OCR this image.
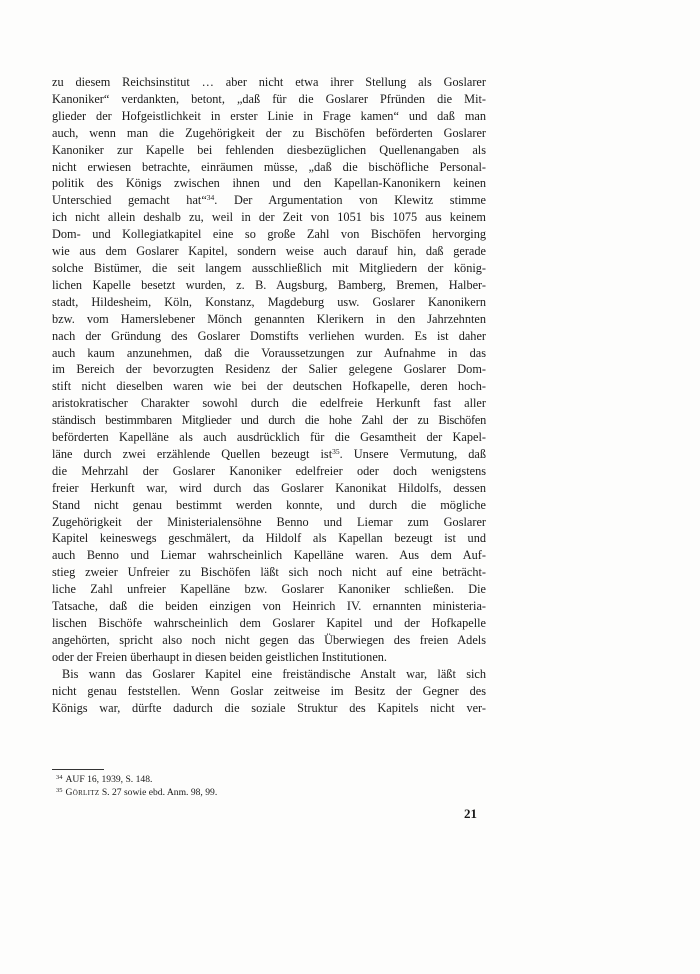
zu diesem Reichsinstitut … aber nicht etwa ihrer Stellung als Goslarer
Kanoniker“ verdankten, betont, „daß für die Goslarer Pfründen die Mit-
glieder der Hofgeistlichkeit in erster Linie in Frage kamen“ und daß man
auch, wenn man die Zugehörigkeit der zu Bischöfen beförderten Goslarer
Kanoniker zur Kapelle bei fehlenden diesbezüglichen Quellenangaben als
nicht erwiesen betrachte, einräumen müsse, „daß die bischöfliche Personal-
politik des Königs zwischen ihnen und den Kapellan-Kanonikern keinen
Unterschied gemacht hat“$^{34}$. Der Argumentation von Klewitz stimme
ich nicht allein deshalb zu, weil in der Zeit von 1051 bis 1075 aus keinem
Dom- und Kollegiatkapitel eine so große Zahl von Bischöfen hervorging
wie aus dem Goslarer Kapitel, sondern weise auch darauf hin, daß gerade
solche Bistümer, die seit langem ausschließlich mit Mitgliedern der könig-
lichen Kapelle besetzt wurden, z. B. Augsburg, Bamberg, Bremen, Halber-
stadt, Hildesheim, Köln, Konstanz, Magdeburg usw. Goslarer Kanonikern
bzw. vom Hamerslebener Mönch genannten Klerikern in den Jahrzehnten
nach der Gründung des Goslarer Domstifts verliehen wurden. Es ist daher
auch kaum anzunehmen, daß die Voraussetzungen zur Aufnahme in das
im Bereich der bevorzugten Residenz der Salier gelegene Goslarer Dom-
stift nicht dieselben waren wie bei der deutschen Hofkapelle, deren hoch-
aristokratischer Charakter sowohl durch die edelfreie Herkunft fast aller
ständisch bestimmbaren Mitglieder und durch die hohe Zahl der zu Bischöfen
beförderten Kapelläne als auch ausdrücklich für die Gesamtheit der Kapel-
läne durch zwei erzählende Quellen bezeugt ist$^{35}$. Unsere Vermutung, daß
die Mehrzahl der Goslarer Kanoniker edelfreier oder doch wenigstens
freier Herkunft war, wird durch das Goslarer Kanonikat Hildolfs, dessen
Stand nicht genau bestimmt werden konnte, und durch die mögliche
Zugehörigkeit der Ministerialensöhne Benno und Liemar zum Goslarer
Kapitel keineswegs geschmälert, da Hildolf als Kapellan bezeugt ist und
auch Benno und Liemar wahrscheinlich Kapelläne waren. Aus dem Auf-
stieg zweier Unfreier zu Bischöfen läßt sich noch nicht auf eine beträcht-
liche Zahl unfreier Kapelläne bzw. Goslarer Kanoniker schließen. Die
Tatsache, daß die beiden einzigen von Heinrich IV. ernannten ministeria-
lischen Bischöfe wahrscheinlich dem Goslarer Kapitel und der Hofkapelle
angehörten, spricht also noch nicht gegen das Überwiegen des freien Adels
oder der Freien überhaupt in diesen beiden geistlichen Institutionen.
Bis wann das Goslarer Kapitel eine freiständische Anstalt war, läßt sich
nicht genau feststellen. Wenn Goslar zeitweise im Besitz der Gegner des
Königs war, dürfte dadurch die soziale Struktur des Kapitels nicht ver-
$^{34}$ AUF 16, 1939, S. 148.
$^{35}$ Görlitz S. 27 sowie ebd. Anm. 98, 99.
21
